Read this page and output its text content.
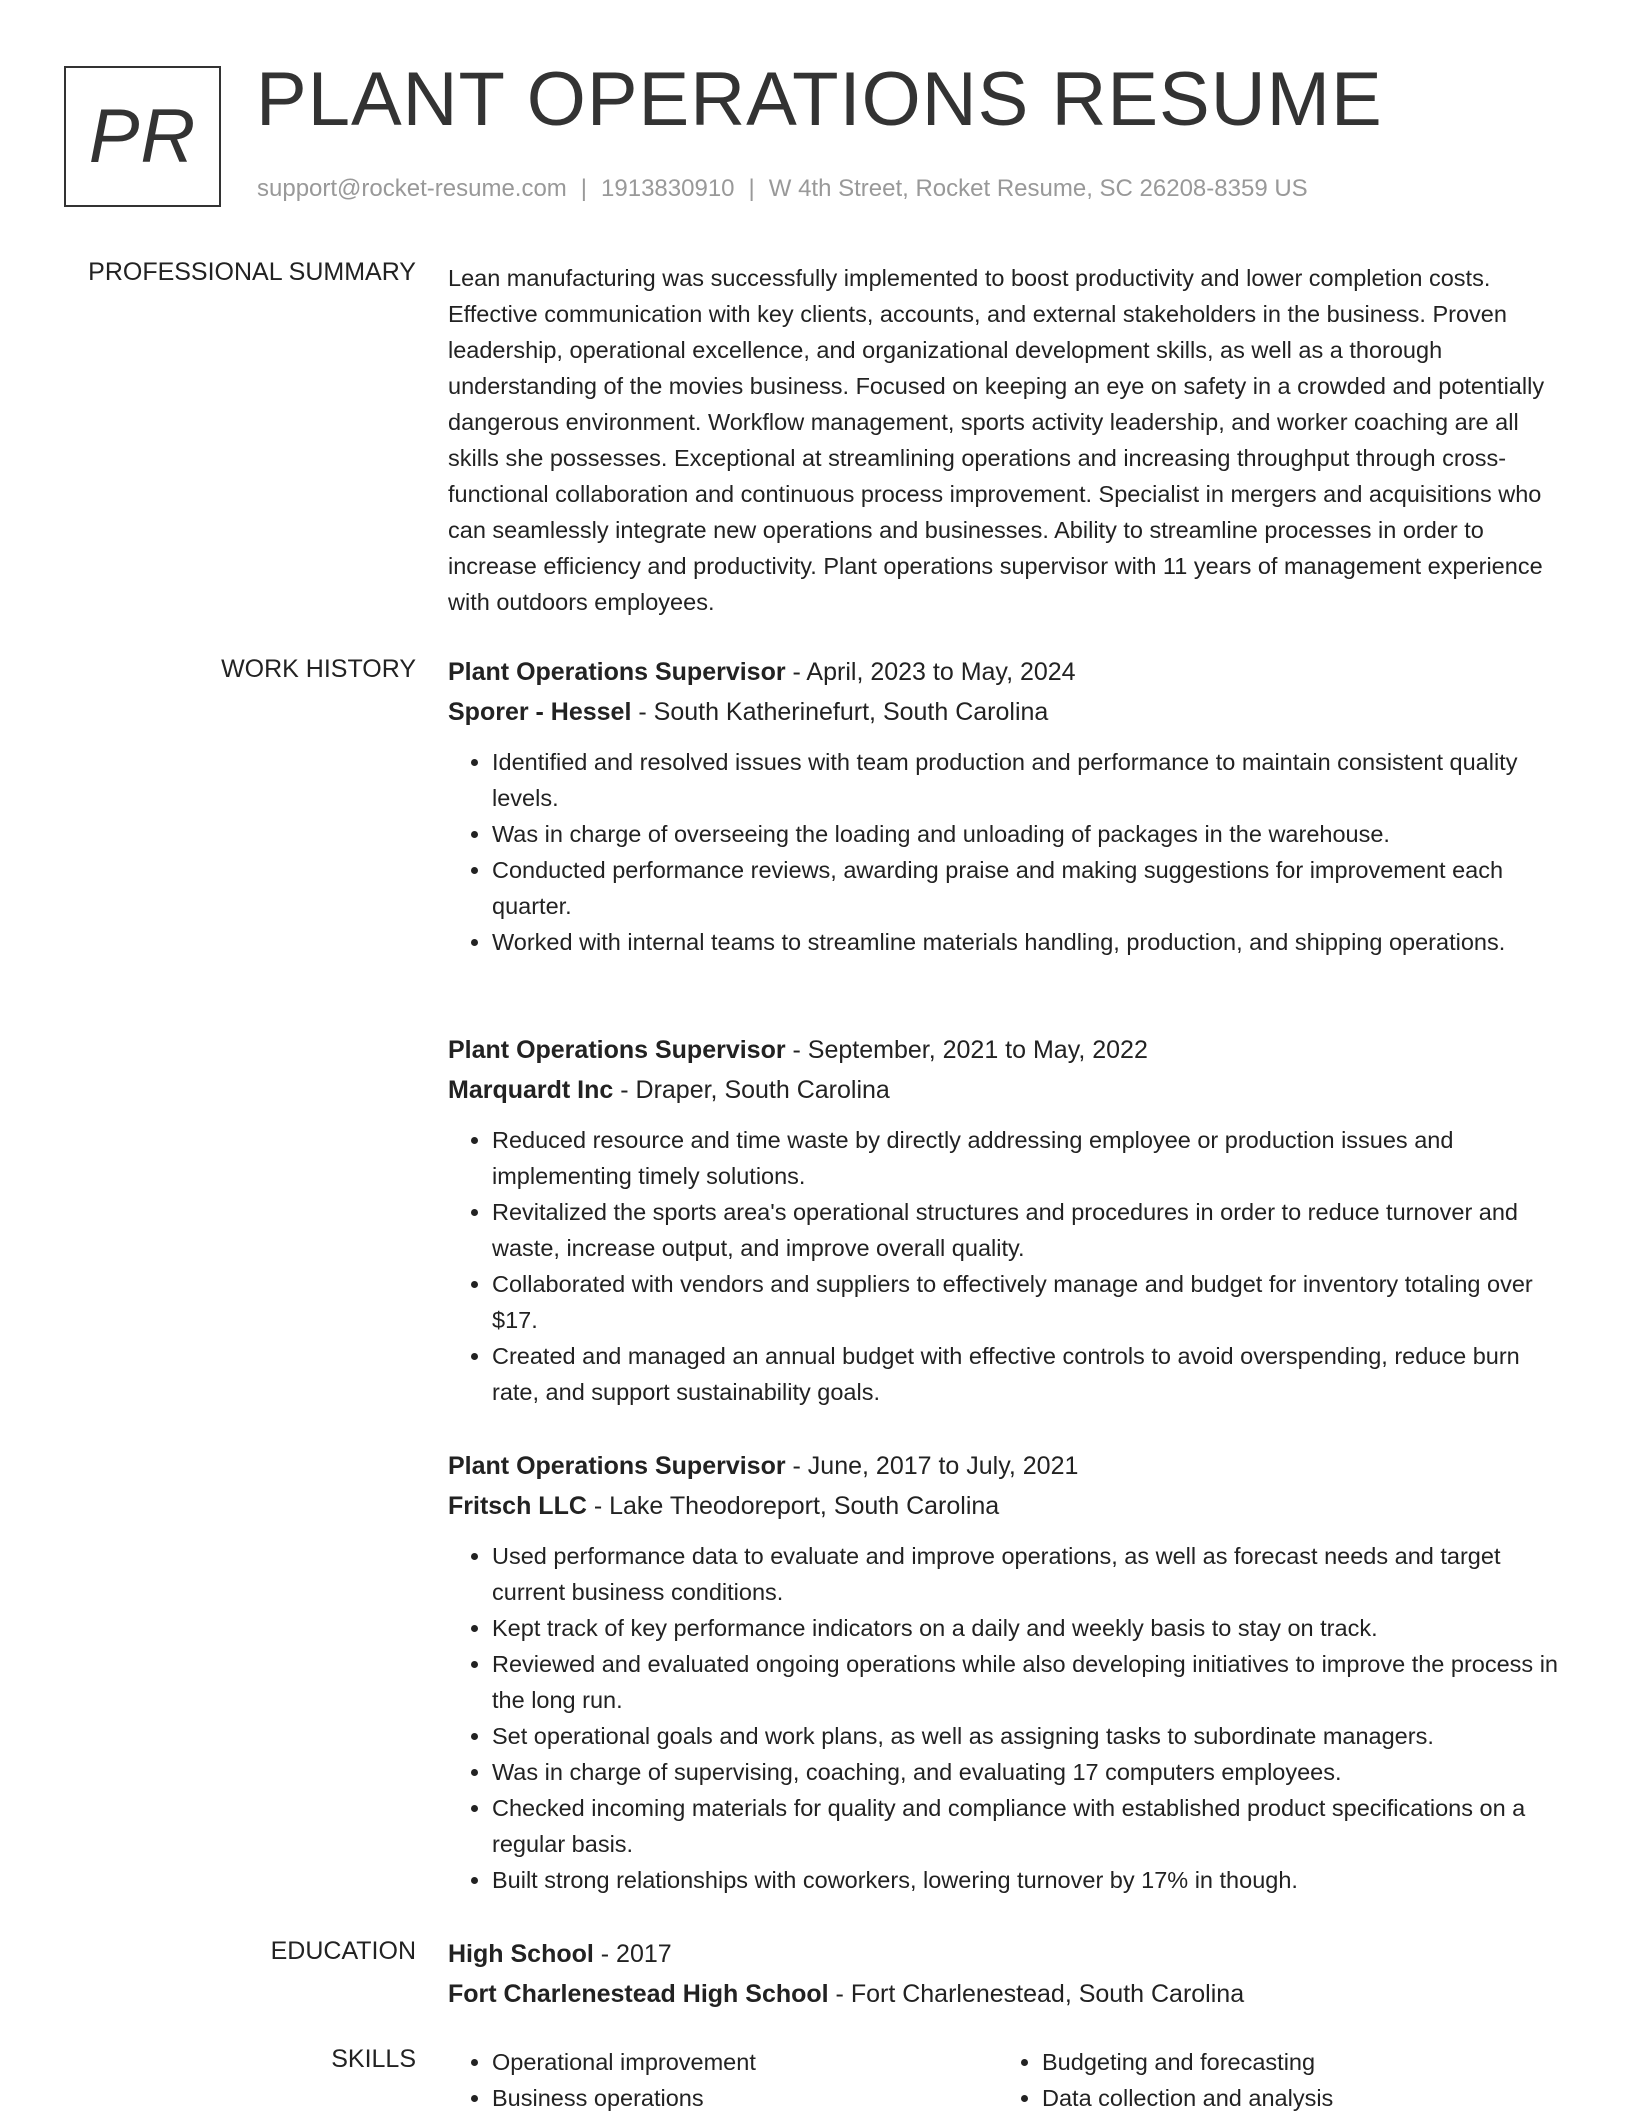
PR PLANT OPERATIONS RESUME
support@rocket-resume.com | 1913830910 | W 4th Street, Rocket Resume, SC 26208-8359 US
PROFESSIONAL SUMMARY Lean manufacturing was successfully implemented to boost productivity and lower completion costs. Effective communication with key clients, accounts, and external stakeholders in the business. Proven leadership, operational excellence, and organizational development skills, as well as a thorough understanding of the movies business. Focused on keeping an eye on safety in a crowded and potentially dangerous environment. Workflow management, sports activity leadership, and worker coaching are all skills she possesses. Exceptional at streamlining operations and increasing throughput through cross-functional collaboration and continuous process improvement. Specialist in mergers and acquisitions who can seamlessly integrate new operations and businesses. Ability to streamline processes in order to increase efficiency and productivity. Plant operations supervisor with 11 years of management experience with outdoors employees.
WORK HISTORY Plant Operations Supervisor - April, 2023 to May, 2024
Sporer - Hessel - South Katherinefurt, South Carolina
• Identified and resolved issues with team production and performance to maintain consistent quality levels.
• Was in charge of overseeing the loading and unloading of packages in the warehouse.
• Conducted performance reviews, awarding praise and making suggestions for improvement each quarter.
• Worked with internal teams to streamline materials handling, production, and shipping operations.
Plant Operations Supervisor - September, 2021 to May, 2022
Marquardt Inc - Draper, South Carolina
• Reduced resource and time waste by directly addressing employee or production issues and implementing timely solutions.
• Revitalized the sports area's operational structures and procedures in order to reduce turnover and waste, increase output, and improve overall quality.
• Collaborated with vendors and suppliers to effectively manage and budget for inventory totaling over $17.
• Created and managed an annual budget with effective controls to avoid overspending, reduce burn rate, and support sustainability goals.
Plant Operations Supervisor - June, 2017 to July, 2021
Fritsch LLC - Lake Theodoreport, South Carolina
• Used performance data to evaluate and improve operations, as well as forecast needs and target current business conditions.
• Kept track of key performance indicators on a daily and weekly basis to stay on track.
• Reviewed and evaluated ongoing operations while also developing initiatives to improve the process in the long run.
• Set operational goals and work plans, as well as assigning tasks to subordinate managers.
• Was in charge of supervising, coaching, and evaluating 17 computers employees.
• Checked incoming materials for quality and compliance with established product specifications on a regular basis.
• Built strong relationships with coworkers, lowering turnover by 17% in though.
EDUCATION High School - 2017
Fort Charlenestead High School - Fort Charlenestead, South Carolina
SKILLS
•	Operational improvement
• Business operations
• Budgeting and forecasting
• Data collection and analysis
